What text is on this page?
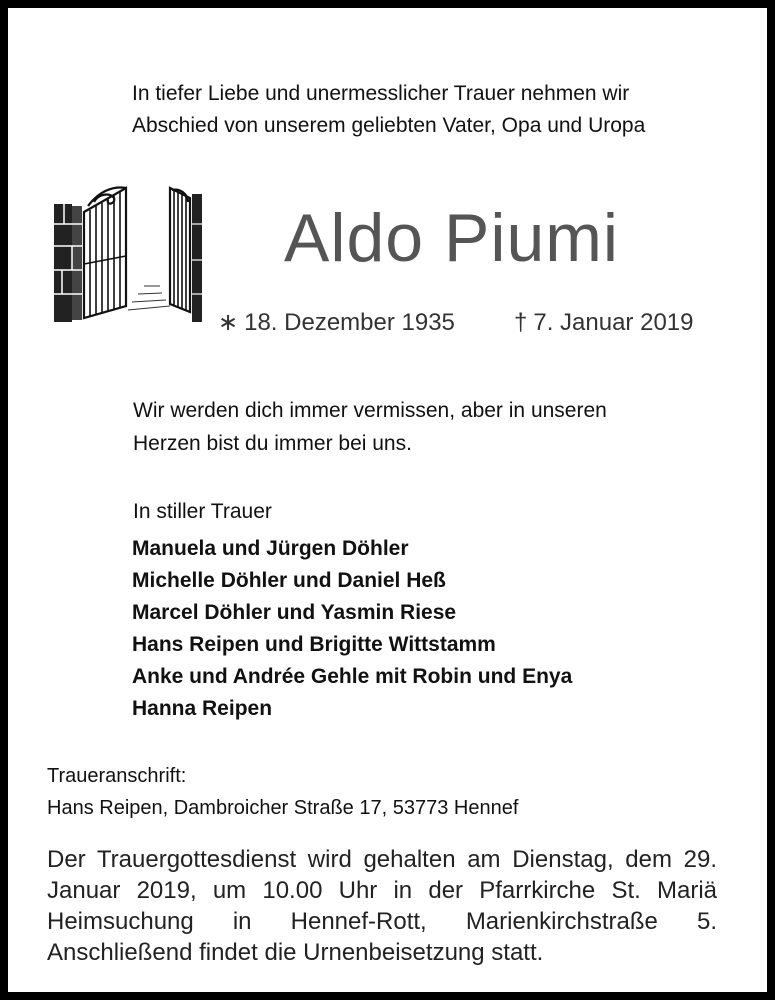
In tiefer Liebe und unermesslicher Trauer nehmen wir
Abschied von unserem geliebten Vater, Opa und Uropa
Aldo Piumi
∗ 18. Dezember 1935 † 7. Januar 2019
Wir werden dich immer vermissen, aber in unseren
Herzen bist du immer bei uns.
In stiller Trauer
Manuela und Jürgen Döhler
Michelle Döhler und Daniel Heß
Marcel Döhler und Yasmin Riese
Hans Reipen und Brigitte Wittstamm
Anke und Andrée Gehle mit Robin und Enya
Hanna Reipen
Traueranschrift:
Hans Reipen, Dambroicher Straße 17, 53773 Hennef
Der Trauergottesdienst wird gehalten am Dienstag, dem 29. Januar 2019, um 10.00 Uhr in der Pfarrkirche St. Mariä Heimsuchung in Hennef-Rott, Marienkirchstraße 5. Anschließend findet die Urnenbeisetzung statt.
